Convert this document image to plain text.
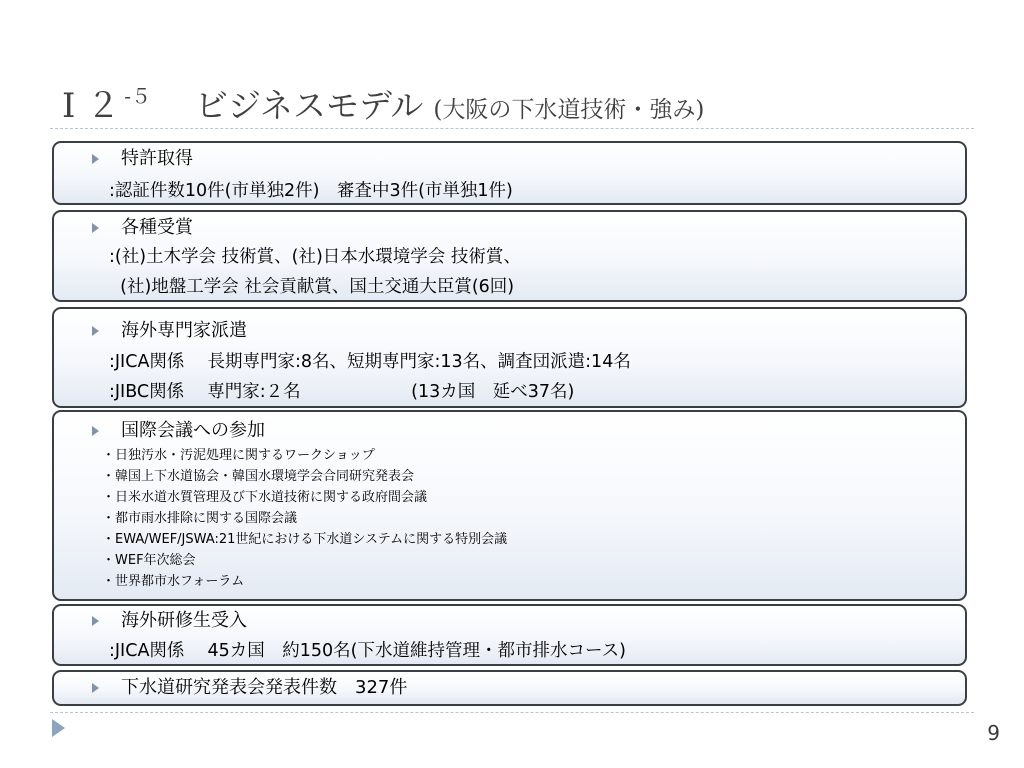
Ⅰ ２ -５ ビジネスモデル (大阪の下水道技術・強み)
特許取得
:認証件数10件(市単独2件)　審査中3件(市単独1件)
各種受賞
:(社)土木学会 技術賞、(社)日本水環境学会 技術賞、
(社)地盤工学会 社会貢献賞、国土交通大臣賞(6回)
海外専門家派遣
:JICA関係　 長期専門家:8名、短期専門家:13名、調査団派遣:14名
:JIBC関係　 専門家:２名　　　　　　 (13カ国　延べ37名)
国際会議への参加
・日独汚水・汚泥処理に関するワークショップ
・韓国上下水道協会・韓国水環境学会合同研究発表会
・日米水道水質管理及び下水道技術に関する政府間会議
・都市雨水排除に関する国際会議
・EWA/WEF/JSWA:21世紀における下水道システムに関する特別会議
・WEF年次総会
・世界都市水フォーラム
海外研修生受入
:JICA関係　 45カ国　約150名(下水道維持管理・都市排水コース)
下水道研究発表会発表件数　327件
9
